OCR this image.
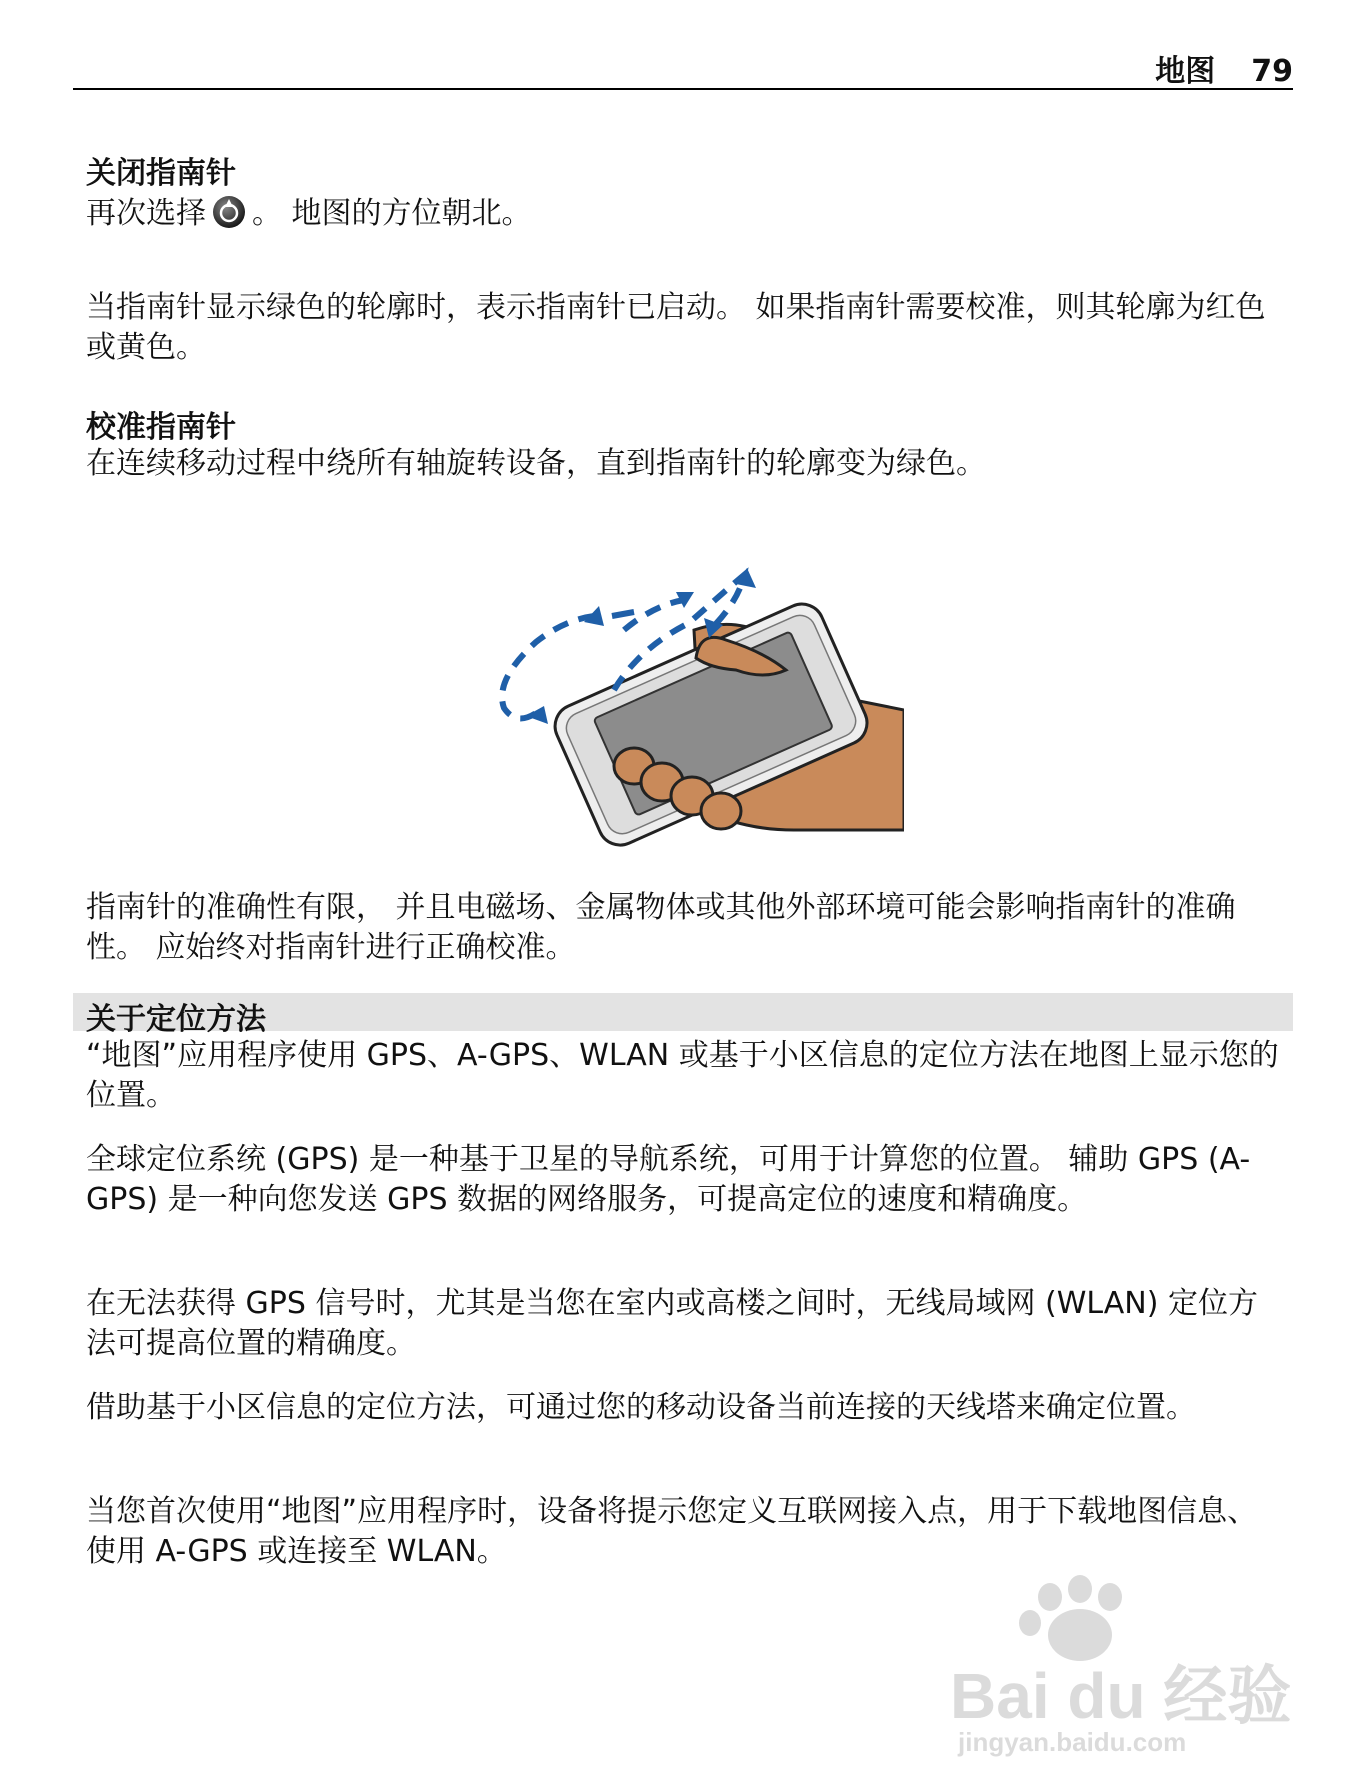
地图 79
关闭指南针

再次选择 。 地图的方位朝北。

当指南针显示绿色的轮廓时，表示指南针已启动。 如果指南针需要校准，则其轮廓为红色或黄色。

校准指南针

在连续移动过程中绕所有轴旋转设备，直到指南针的轮廓变为绿色。

指南针的准确性有限， 并且电磁场、金属物体或其他外部环境可能会影响指南针的准确性。 应始终对指南针进行正确校准。

关于定位方法

“地图”应用程序使用 GPS、A-GPS、WLAN 或基于小区信息的定位方法在地图上显示您的位置。

全球定位系统 (GPS) 是一种基于卫星的导航系统，可用于计算您的位置。 辅助 GPS (A-GPS) 是一种向您发送 GPS 数据的网络服务，可提高定位的速度和精确度。

在无法获得 GPS 信号时，尤其是当您在室内或高楼之间时，无线局域网 (WLAN) 定位方法可提高位置的精确度。

借助基于小区信息的定位方法，可通过您的移动设备当前连接的天线塔来确定位置。

当您首次使用“地图”应用程序时，设备将提示您定义互联网接入点，用于下载地图信息、使用 A-GPS 或连接至 WLAN。

Bai du 经验
jingyan.baidu.com
